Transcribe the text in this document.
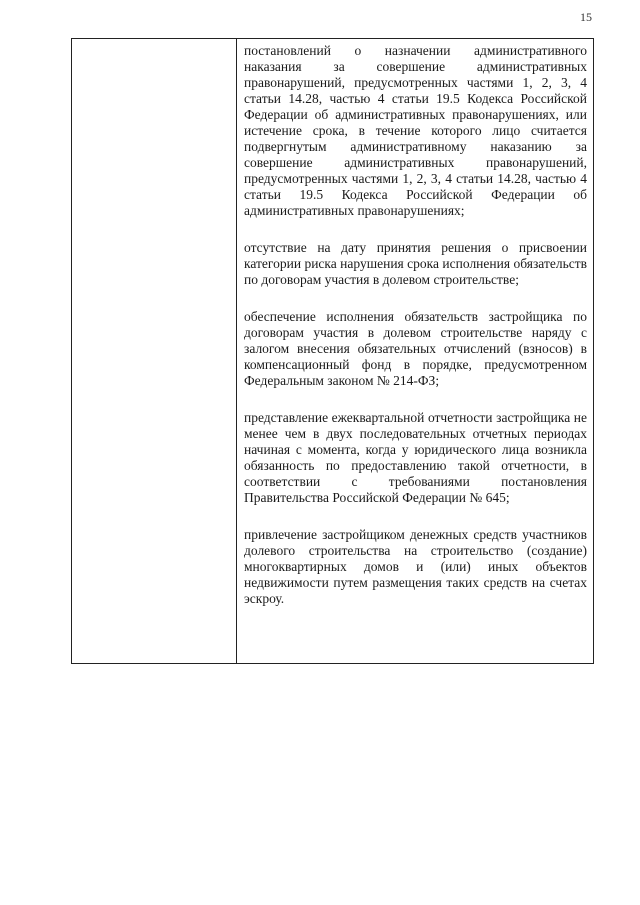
15

постановлений о назначении административного наказания за совершение административных правонарушений, предусмотренных частями 1, 2, 3, 4 статьи 14.28, частью 4 статьи 19.5 Кодекса Российской Федерации об административных правонарушениях, или истечение срока, в течение которого лицо считается подвергнутым административному наказанию за совершение административных правонарушений, предусмотренных частями 1, 2, 3, 4 статьи 14.28, частью 4 статьи 19.5 Кодекса Российской Федерации об административных правонарушениях;

отсутствие на дату принятия решения о присвоении категории риска нарушения срока исполнения обязательств по договорам участия в долевом строительстве;

обеспечение исполнения обязательств застройщика по договорам участия в долевом строительстве наряду с залогом внесения обязательных отчислений (взносов) в компенсационный фонд в порядке, предусмотренном Федеральным законом № 214-ФЗ;

представление ежеквартальной отчетности застройщика не менее чем в двух последовательных отчетных периодах начиная с момента, когда у юридического лица возникла обязанность по предоставлению такой отчетности, в соответствии с требованиями постановления Правительства Российской Федерации № 645;

привлечение застройщиком денежных средств участников долевого строительства на строительство (создание) многоквартирных домов и (или) иных объектов недвижимости путем размещения таких средств на счетах эскроу.
